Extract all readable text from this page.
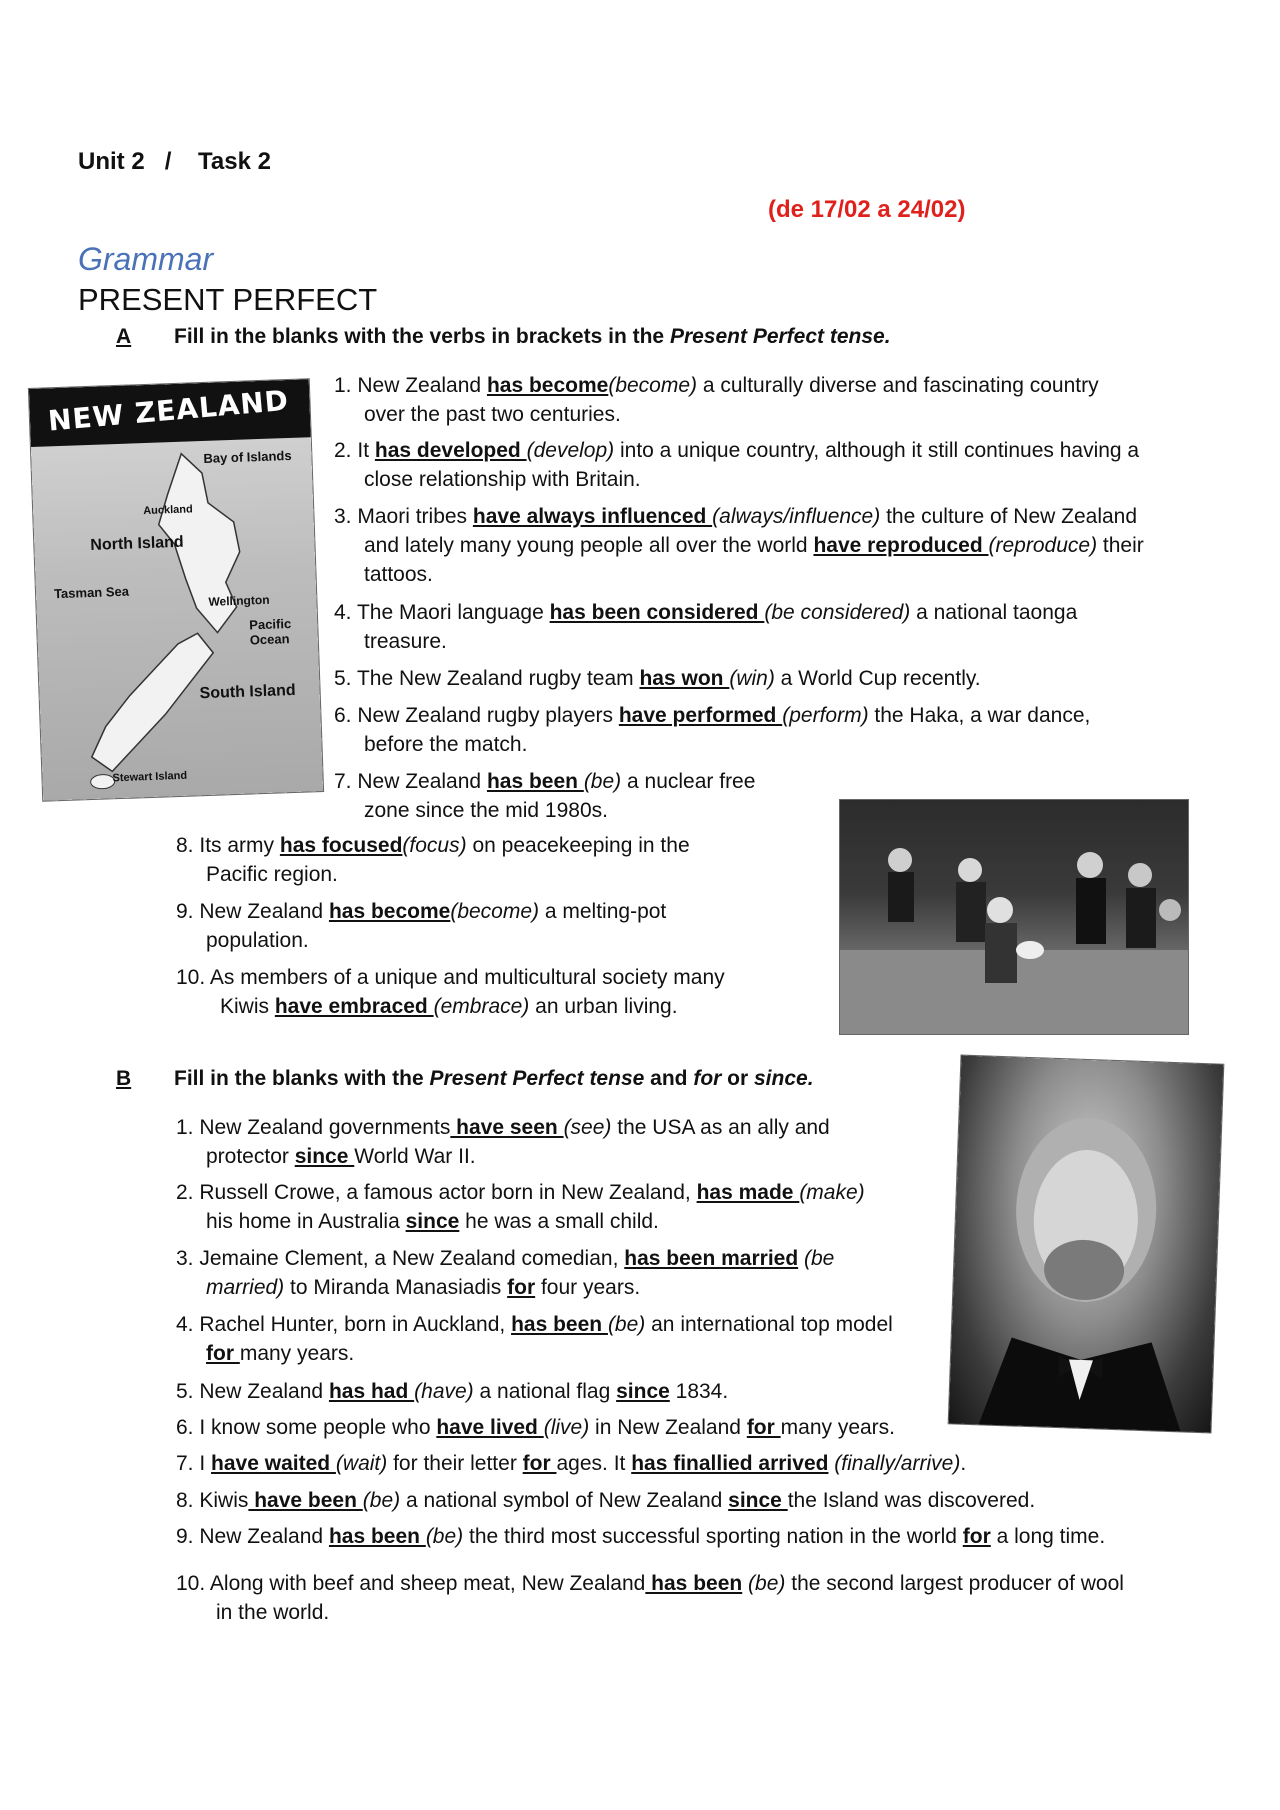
Unit 2 / Task 2
(de 17/02 a 24/02)
Grammar
PRESENT PERFECT
A Fill in the blanks with the verbs in brackets in the Present Perfect tense.
NEW ZEALAND
Bay of Islands
Auckland
North Island
Tasman Sea	Wellington
Pacific Ocean
South Island
Stewart Island
1. New Zealand has become(become) a culturally diverse and fascinating country
over the past two centuries.
2. It has developed (develop) into a unique country, although it still continues having a
close relationship with Britain.
3. Maori tribes have always influenced (always/influence) the culture of New Zealand
and lately many young people all over the world have reproduced (reproduce) their
tattoos.
4. The Maori language has been considered (be considered) a national taonga
treasure.
5. The New Zealand rugby team has won (win) a World Cup recently.
6. New Zealand rugby players have performed (perform) the Haka, a war dance,
before the match.
7. New Zealand has been (be) a nuclear free
zone since the mid 1980s.
8. Its army has focused(focus) on peacekeeping in the
Pacific region.
9. New Zealand has become(become) a melting-pot
population.
10. As members of a unique and multicultural society many
Kiwis have embraced (embrace) an urban living.
B Fill in the blanks with the Present Perfect tense and for or since.
1. New Zealand governments have seen (see) the USA as an ally and
protector since World War II.
2. Russell Crowe, a famous actor born in New Zealand, has made (make)
his home in Australia since he was a small child.
3. Jemaine Clement, a New Zealand comedian, has been married (be
married) to Miranda Manasiadis for four years.
4. Rachel Hunter, born in Auckland, has been (be) an international top model
for many years.
5. New Zealand has had (have) a national flag since 1834.
6. I know some people who have lived (live) in New Zealand for many years.
7. I have waited (wait) for their letter for ages. It has finallied arrived (finally/arrive).
8. Kiwis have been (be) a national symbol of New Zealand since the Island was discovered.
9. New Zealand has been (be) the third most successful sporting nation in the world for a long time.
10. Along with beef and sheep meat, New Zealand has been (be) the second largest producer of wool
in the world.
